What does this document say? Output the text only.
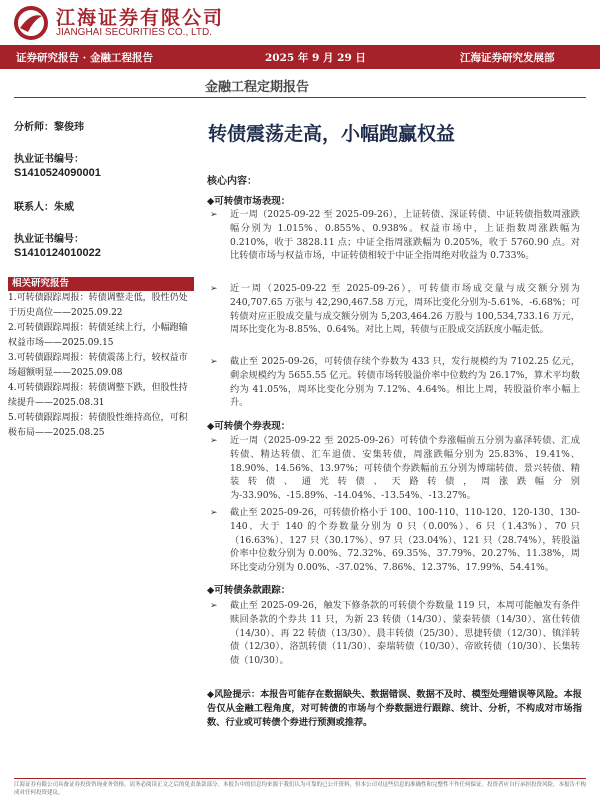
江海证券有限公司
JIANGHAI SECURITIES CO., LTD.
证券研究报告 · 金融工程报告	2025 年 9 月 29 日	江海证券研究发展部
金融工程定期报告
分析师：黎俊玮
执业证书编号：
S1410524090001
联系人：朱威
执业证书编号：
S1410124010022
相关研究报告
1.可转债跟踪周报：转债调整走低，股性仍处于历史高位——2025.09.22
2.可转债跟踪周报：转债延续上行，小幅跑输权益市场——2025.09.15
3.可转债跟踪周报：转债震荡上行，较权益市场超额明显——2025.09.08
4.可转债跟踪周报：转债调整下跌，但股性持续提升——2025.08.31
5.可转债跟踪周报：转债股性维持高位，可积极布局——2025.08.25
转债震荡走高，小幅跑赢权益
核心内容：
◆可转债市场表现：
➢ 近一周（2025-09-22 至 2025-09-26），上证转债、深证转债、中证转债指数周涨跌幅分别为 1.015%、0.855%、0.938%。权益市场中，上证指数周涨跌幅为 0.210%，收于 3828.11 点；中证全指周涨跌幅为 0.205%，收于 5760.90 点。对比转债市场与权益市场，中证转债相较于中证全指周绝对收益为 0.733%。
➢ 近一周（2025-09-22 至 2025-09-26），可转债市场成交量与成交额分别为 240,707.65 万张与 42,290,467.58 万元，周环比变化分别为-5.61%、-6.68%；可转债对应正股成交量与成交额分别为 5,203,464.26 万股与 100,534,733.16 万元，周环比变化为-8.85%、0.64%。对比上周，转债与正股成交活跃度小幅走低。
➢ 截止至 2025-09-26，可转债存续个券数为 433 只，发行规模约为 7102.25 亿元，剩余规模约为 5655.55 亿元。转债市场转股溢价率中位数约为 26.17%，算术平均数约为 41.05%，周环比变化分别为 7.12%、4.64%。相比上周，转股溢价率小幅上升。
◆可转债个券表现：
➢ 近一周（2025-09-22 至 2025-09-26）可转债个券涨幅前五分别为嘉泽转债、汇成转债、精达转债、汇车退债、安集转债，周涨跌幅分别为 25.83%、19.41%、18.90%、14.56%、13.97%；可转债个券跌幅前五分别为博瑞转债、景兴转债、精装转债、通光转债、天路转债，周涨跌幅分别为-33.90%、-15.89%、-14.04%、-13.54%、-13.27%。
➢ 截止至 2025-09-26，可转债价格小于 100、100-110、110-120、120-130、130-140、大于 140 的个券数量分别为 0 只（0.00%）、6 只（1.43%）、70 只（16.63%）、127 只（30.17%）、97 只（23.04%）、121 只（28.74%），转股溢价率中位数分别为 0.00%、72.32%、69.35%、37.79%、20.27%、11.38%，周环比变动分别为 0.00%、-37.02%、7.86%、12.37%、17.99%、54.41%。
◆可转债条款跟踪：
➢ 截止至 2025-09-26，触发下修条款的可转债个券数量 119 只，本周可能触发有条件赎回条款的个券共 11 只，为新 23 转债（14/30）、蒙泰转债（14/30）、富仕转债（14/30）、再 22 转债（13/30）、晨丰转债（25/30）、思捷转债（12/30）、镇洋转债（12/30）、洛凯转债（11/30）、泰瑞转债（10/30）、帝欧转债（10/30）、长集转债（10/30）。
◆风险提示：本报告可能存在数据缺失、数据错误、数据不及时、模型处理错误等风险。本报告仅从金融工程角度，对可转债的市场与个券数据进行跟踪、统计、分析，不构成对市场指数、行业或可转债个券进行预测或推荐。
江海证券有限公司具备证券投资咨询业务资格。请务必阅读正文之后的免责条款部分。本报告中的信息均来源于我们认为可靠的已公开资料，但本公司对这些信息的准确性和完整性不作任何保证。投资者应自行承担投资风险，本报告不构成对任何投资建议。
